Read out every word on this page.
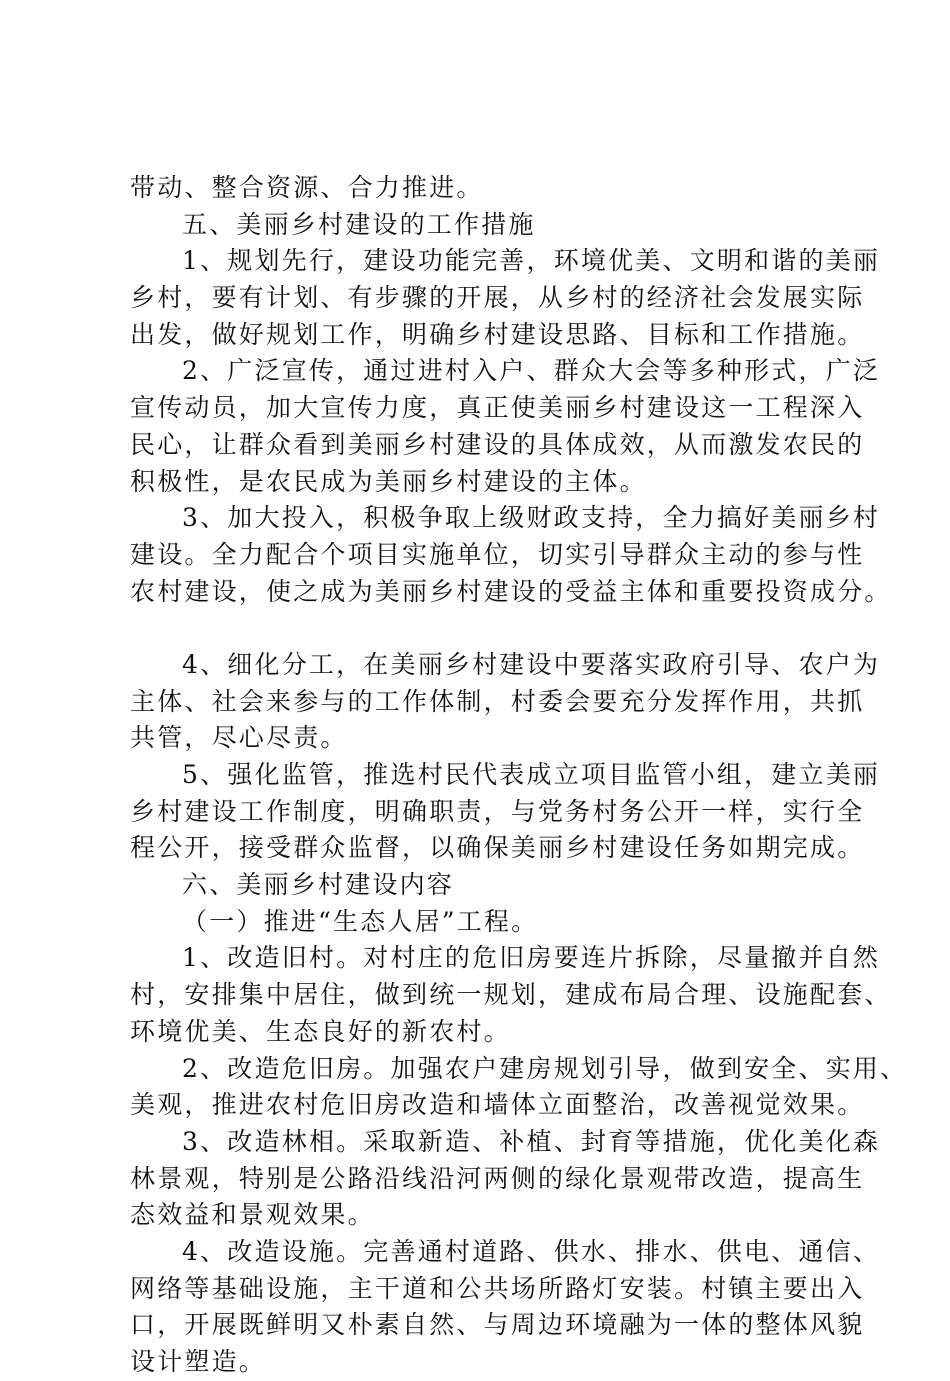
带动、整合资源、合力推进。
五、美丽乡村建设的工作措施
1、规划先行，建设功能完善，环境优美、文明和谐的美丽
乡村，要有计划、有步骤的开展，从乡村的经济社会发展实际
出发，做好规划工作，明确乡村建设思路、目标和工作措施。
2、广泛宣传，通过进村入户、群众大会等多种形式，广泛
宣传动员，加大宣传力度，真正使美丽乡村建设这一工程深入
民心，让群众看到美丽乡村建设的具体成效，从而激发农民的
积极性，是农民成为美丽乡村建设的主体。
3、加大投入，积极争取上级财政支持，全力搞好美丽乡村
建设。全力配合个项目实施单位，切实引导群众主动的参与性
农村建设，使之成为美丽乡村建设的受益主体和重要投资成分。
4、细化分工，在美丽乡村建设中要落实政府引导、农户为
主体、社会来参与的工作体制，村委会要充分发挥作用，共抓
共管，尽心尽责。
5、强化监管，推选村民代表成立项目监管小组，建立美丽
乡村建设工作制度，明确职责，与党务村务公开一样，实行全
程公开，接受群众监督，以确保美丽乡村建设任务如期完成。
六、美丽乡村建设内容
（一）推进“生态人居”工程。
1、改造旧村。对村庄的危旧房要连片拆除，尽量撤并自然
村，安排集中居住，做到统一规划，建成布局合理、设施配套、
环境优美、生态良好的新农村。
2、改造危旧房。加强农户建房规划引导，做到安全、实用、
美观，推进农村危旧房改造和墙体立面整治，改善视觉效果。
3、改造林相。采取新造、补植、封育等措施，优化美化森
林景观，特别是公路沿线沿河两侧的绿化景观带改造，提高生
态效益和景观效果。
4、改造设施。完善通村道路、供水、排水、供电、通信、
网络等基础设施，主干道和公共场所路灯安装。村镇主要出入
口，开展既鲜明又朴素自然、与周边环境融为一体的整体风貌
设计塑造。
